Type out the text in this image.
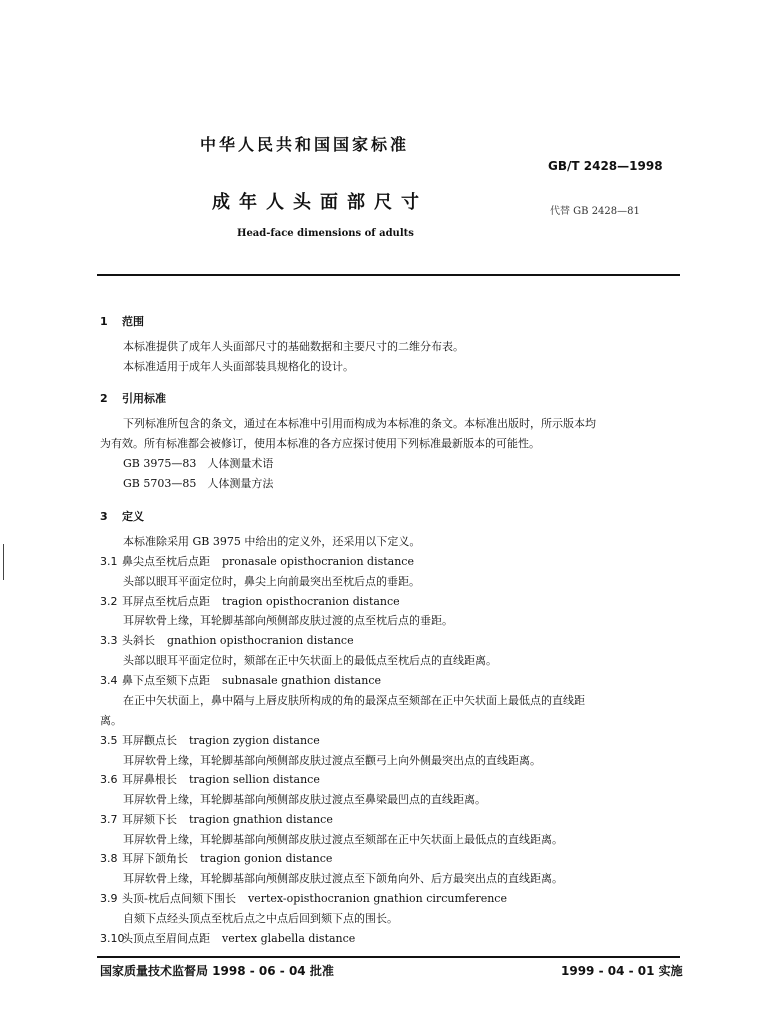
中华人民共和国国家标准
GB/T 2428—1998
成年人头面部尺寸	代替 GB 2428—81
Head-face dimensions of adults
1 范围
本标准提供了成年人头面部尺寸的基础数据和主要尺寸的二维分布表。
本标准适用于成年人头面部装具规格化的设计。
2 引用标准
下列标准所包含的条文，通过在本标准中引用而构成为本标准的条文。本标准出版时，所示版本均
为有效。所有标准都会被修订，使用本标准的各方应探讨使用下列标准最新版本的可能性。
GB 3975—83　人体测量术语
GB 5703—85　人体测量方法
3 定义
本标准除采用 GB 3975 中给出的定义外，还采用以下定义。
3.1 鼻尖点至枕后点距 pronasale opisthocranion distance
头部以眼耳平面定位时，鼻尖上向前最突出至枕后点的垂距。
3.2 耳屏点至枕后点距 tragion opisthocranion distance
耳屏软骨上缘，耳轮脚基部向颅侧部皮肤过渡的点至枕后点的垂距。
3.3 头斜长 gnathion opisthocranion distance
头部以眼耳平面定位时，颏部在正中矢状面上的最低点至枕后点的直线距离。
3.4 鼻下点至颏下点距 subnasale gnathion distance
在正中矢状面上，鼻中隔与上唇皮肤所构成的角的最深点至颏部在正中矢状面上最低点的直线距
离。
3.5 耳屏颧点长 tragion zygion distance
耳屏软骨上缘，耳轮脚基部向颅侧部皮肤过渡点至颧弓上向外侧最突出点的直线距离。
3.6 耳屏鼻根长 tragion sellion distance
耳屏软骨上缘，耳轮脚基部向颅侧部皮肤过渡点至鼻梁最凹点的直线距离。
3.7 耳屏颏下长 tragion gnathion distance
耳屏软骨上缘，耳轮脚基部向颅侧部皮肤过渡点至颏部在正中矢状面上最低点的直线距离。
3.8 耳屏下颌角长 tragion gonion distance
耳屏软骨上缘，耳轮脚基部向颅侧部皮肤过渡点至下颌角向外、后方最突出点的直线距离。
3.9 头顶-枕后点间颏下围长 vertex-opisthocranion gnathion circumference
自颏下点经头顶点至枕后点之中点后回到颏下点的围长。
3.10头顶点至眉间点距 vertex glabella distance
国家质量技术监督局 1998 - 06 - 04 批准	1999 - 04 - 01 实施
